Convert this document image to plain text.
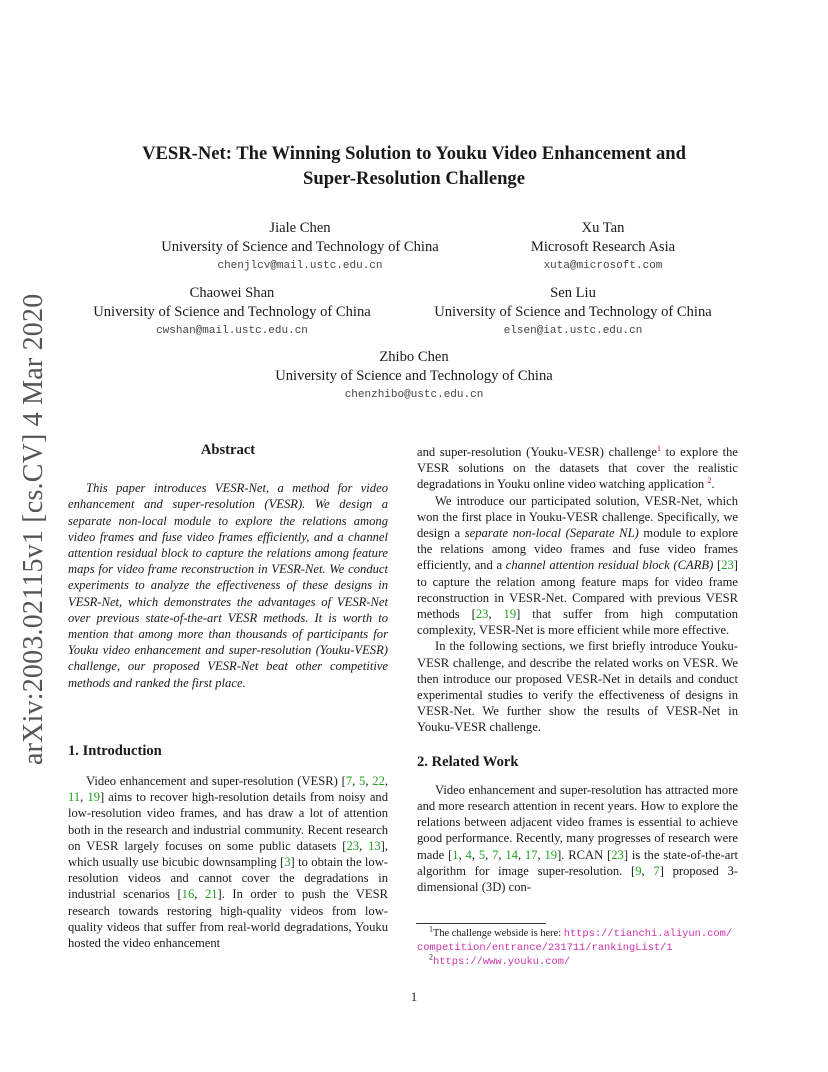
arXiv:2003.02115v1 [cs.CV] 4 Mar 2020
VESR-Net: The Winning Solution to Youku Video Enhancement and
Super-Resolution Challenge
Jiale Chen
University of Science and Technology of China
chenjlcv@mail.ustc.edu.cn
Xu Tan
Microsoft Research Asia
xuta@microsoft.com
Chaowei Shan
University of Science and Technology of China
cwshan@mail.ustc.edu.cn
Sen Liu
University of Science and Technology of China
elsen@iat.ustc.edu.cn
Zhibo Chen
University of Science and Technology of China
chenzhibo@ustc.edu.cn
Abstract

This paper introduces VESR-Net, a method for video enhancement and super-resolution (VESR). We design a separate non-local module to explore the relations among video frames and fuse video frames efficiently, and a channel attention residual block to capture the relations among feature maps for video frame reconstruction in VESR-Net. We conduct experiments to analyze the effectiveness of these designs in VESR-Net, which demonstrates the advantages of VESR-Net over previous state-of-the-art VESR methods. It is worth to mention that among more than thousands of participants for Youku video enhancement and super-resolution (Youku-VESR) challenge, our proposed VESR-Net beat other competitive methods and ranked the first place.

1. Introduction

Video enhancement and super-resolution (VESR) [7, 5, 22, 11, 19] aims to recover high-resolution details from noisy and low-resolution video frames, and has draw a lot of attention both in the research and industrial community. Recent research on VESR largely focuses on some public datasets [23, 13], which usually use bicubic downsampling [3] to obtain the low-resolution videos and cannot cover the degradations in industrial scenarios [16, 21]. In order to push the VESR research towards restoring high-quality videos from low-quality videos that suffer from real-world degradations, Youku hosted the video enhancement

and super-resolution (Youku-VESR) challenge$^1$ to explore the VESR solutions on the datasets that cover the realistic degradations in Youku online video watching application $^2$.

We introduce our participated solution, VESR-Net, which won the first place in Youku-VESR challenge. Specifically, we design a separate non-local (Separate NL) module to explore the relations among video frames and fuse video frames efficiently, and a channel attention residual block (CARB) [23] to capture the relation among feature maps for video frame reconstruction in VESR-Net. Compared with previous VESR methods [23, 19] that suffer from high computation complexity, VESR-Net is more efficient while more effective.

In the following sections, we first briefly introduce Youku-VESR challenge, and describe the related works on VESR. We then introduce our proposed VESR-Net in details and conduct experimental studies to verify the effectiveness of designs in VESR-Net. We further show the results of VESR-Net in Youku-VESR challenge.

2. Related Work

Video enhancement and super-resolution has attracted more and more research attention in recent years. How to explore the relations between adjacent video frames is essential to achieve good performance. Recently, many progresses of research were made [1, 4, 5, 7, 14, 17, 19]. RCAN [23] is the state-of-the-art algorithm for image super-resolution. [9, 7] proposed 3-dimensional (3D) con-

$^1$The challenge webside is here: https://tianchi.aliyun.com/competition/entrance/231711/rankingList/1
$^2$https://www.youku.com/
1
